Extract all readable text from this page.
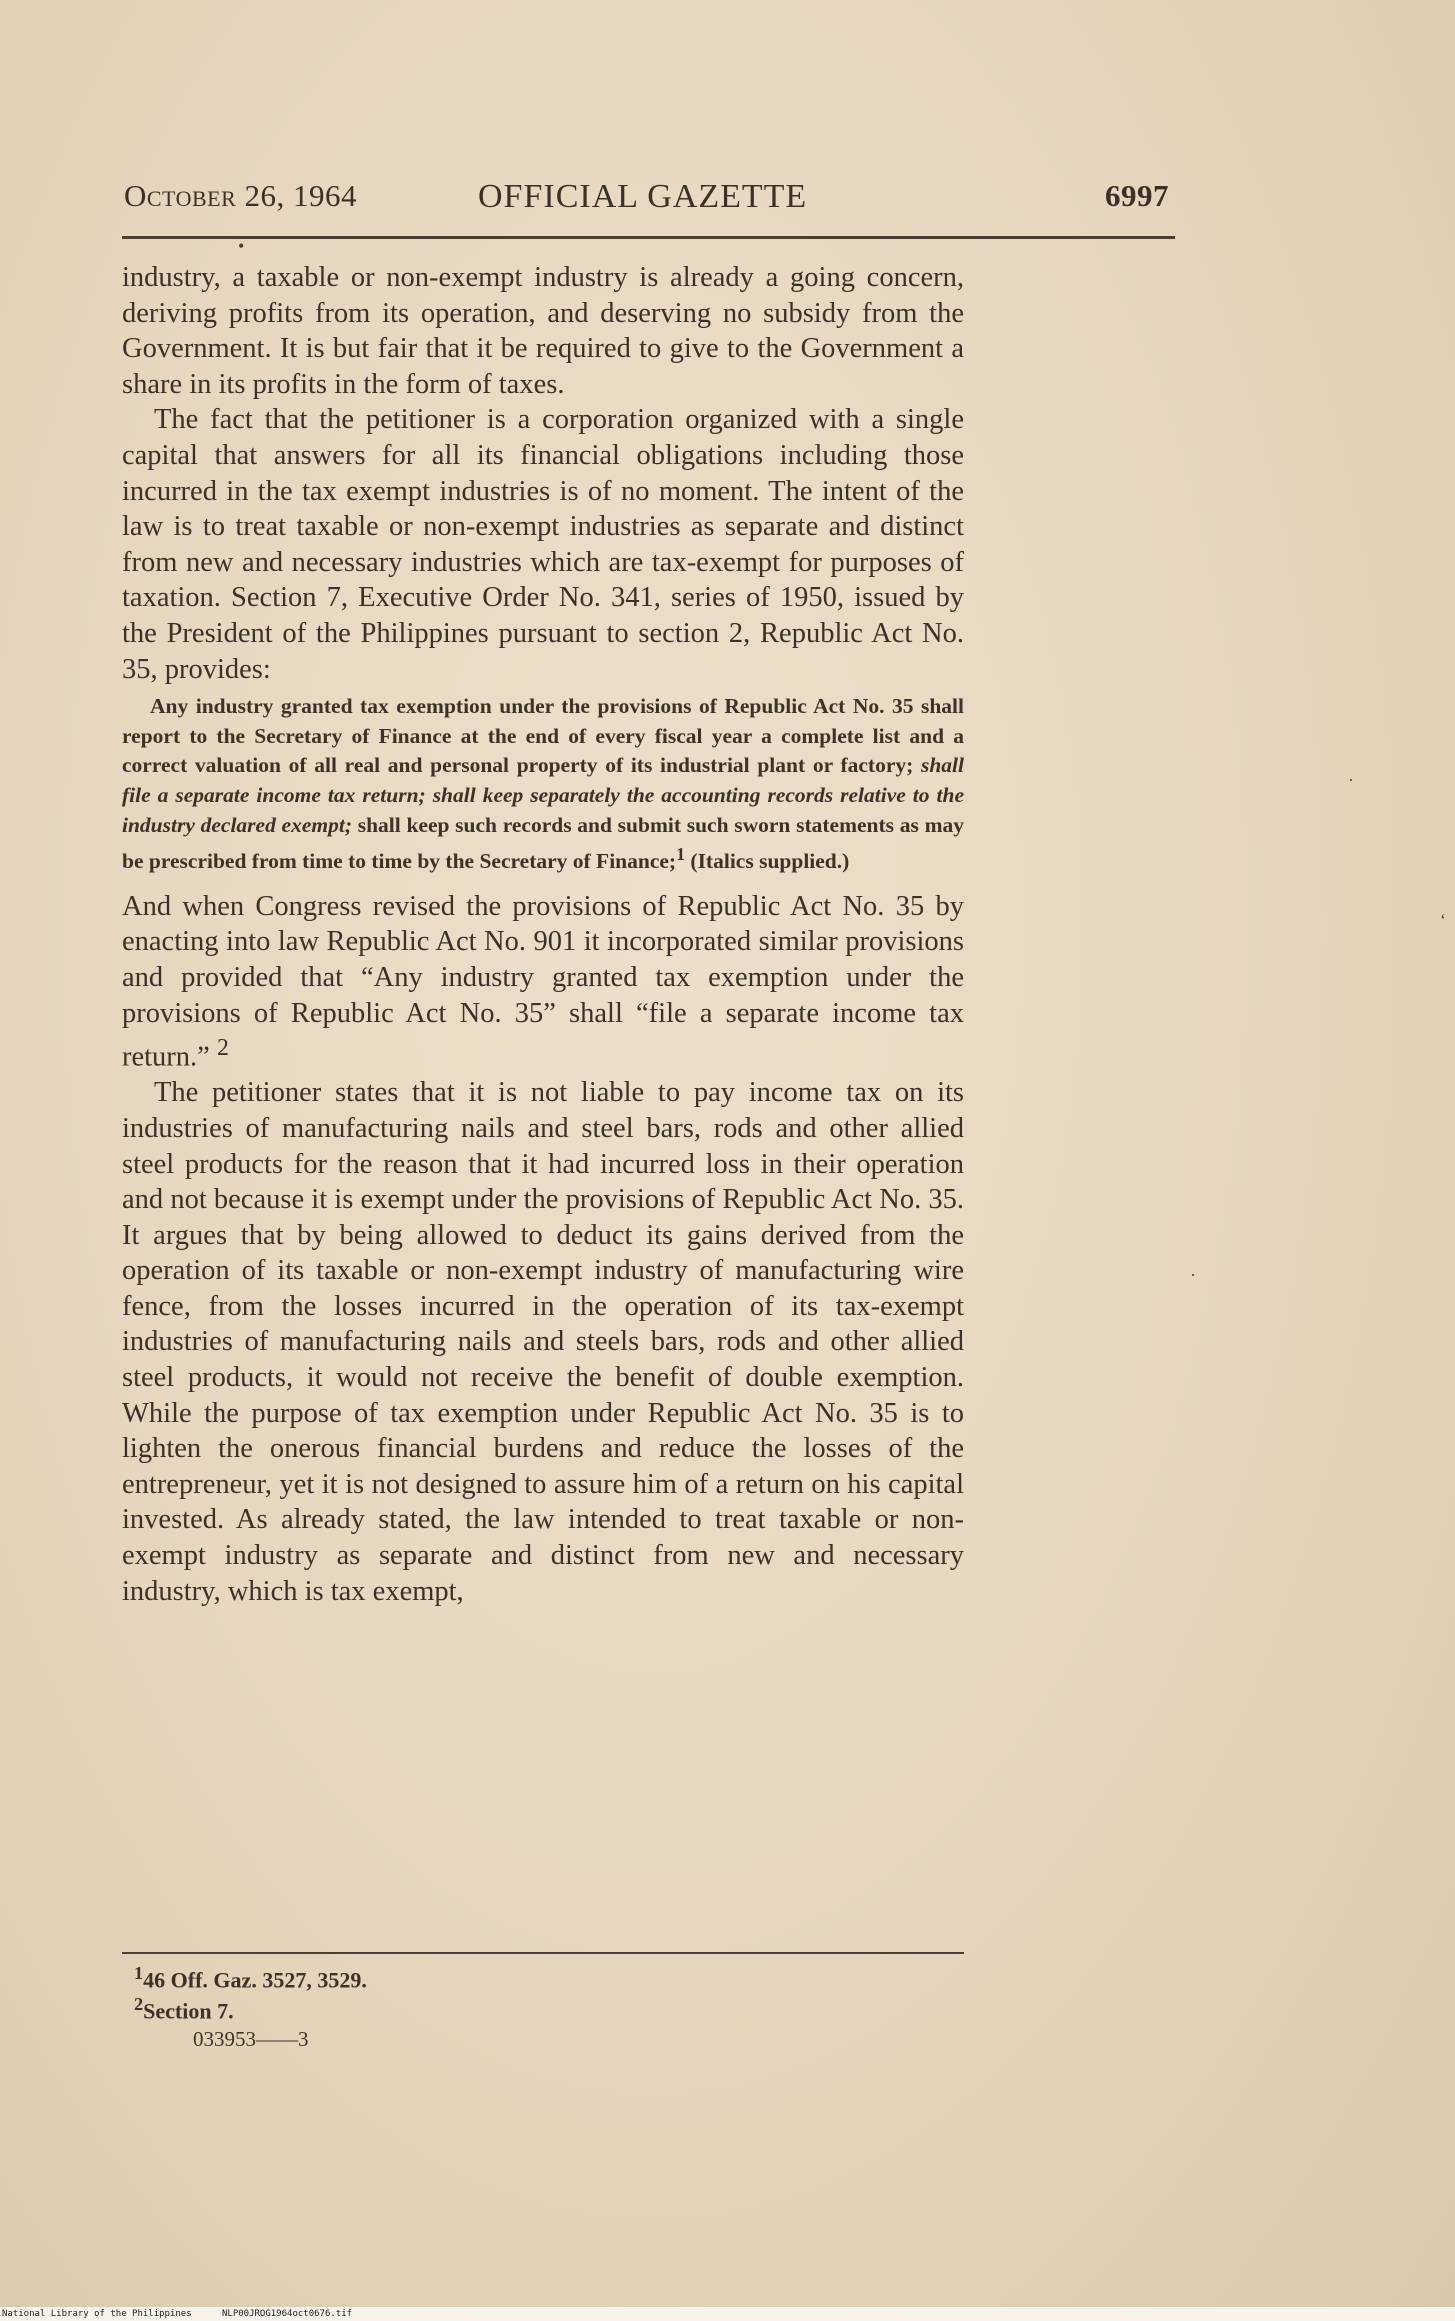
October 26, 1964	OFFICIAL GAZETTE	6997
•

industry, a taxable or non-exempt industry is already a going concern, deriving profits from its operation, and deserving no subsidy from the Government. It is but fair that it be required to give to the Government a share in its profits in the form of taxes.

The fact that the petitioner is a corporation organized with a single capital that answers for all its financial obligations including those incurred in the tax exempt industries is of no moment. The intent of the law is to treat taxable or non-exempt industries as separate and distinct from new and necessary industries which are tax-exempt for purposes of taxation. Section 7, Executive Order No. 341, series of 1950, issued by the President of the Philippines pursuant to section 2, Republic Act No. 35, provides:

Any industry granted tax exemption under the provisions of Republic Act No. 35 shall report to the Secretary of Finance at the end of every fiscal year a complete list and a correct valuation of all real and personal property of its industrial plant or factory; shall file a separate income tax return; shall keep separately the accounting records relative to the industry declared exempt; shall keep such records and submit such sworn statements as may be prescribed from time to time by the Secretary of Finance;$^1$ (Italics supplied.)

And when Congress revised the provisions of Republic Act No. 35 by enacting into law Republic Act No. 901 it incorporated similar provisions and provided that “Any industry granted tax exemption under the provisions of Republic Act No. 35” shall “file a separate income tax return.” $^2$

The petitioner states that it is not liable to pay income tax on its industries of manufacturing nails and steel bars, rods and other allied steel products for the reason that it had incurred loss in their operation and not because it is exempt under the provisions of Republic Act No. 35. It argues that by being allowed to deduct its gains derived from the operation of its taxable or non-exempt industry of manufacturing wire fence, from the losses incurred in the operation of its tax-exempt industries of manufacturing nails and steels bars, rods and other allied steel products, it would not receive the benefit of double exemption. While the purpose of tax exemption under Republic Act No. 35 is to lighten the onerous financial burdens and reduce the losses of the entrepreneur, yet it is not designed to assure him of a return on his capital invested. As already stated, the law intended to treat taxable or non-exempt industry as separate and distinct from new and necessary industry, which is tax exempt,

$^1$46 Off. Gaz. 3527, 3529.
$^2$Section 7.
033953——3
·
‘
·
National Library of the Philippines	NLP00JROG1964oct0676.tif
